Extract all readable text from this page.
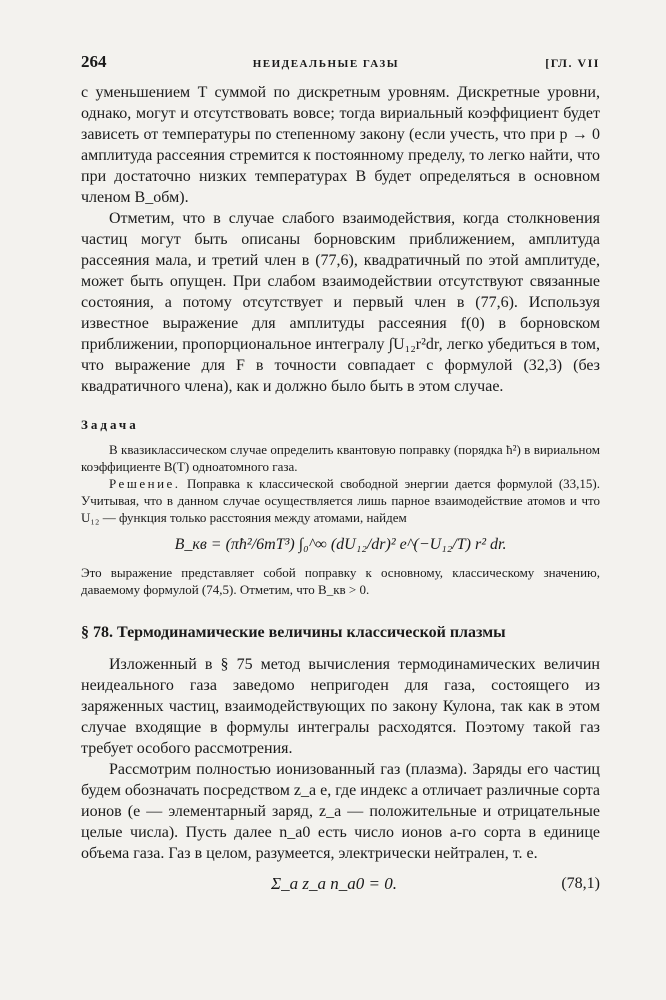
264	НЕИДЕАЛЬНЫЕ ГАЗЫ	[ГЛ. VII

с уменьшением T суммой по дискретным уровням. Дискретные уровни, однако, могут и отсутствовать вовсе; тогда вириальный коэффициент будет зависеть от температуры по степенному закону (если учесть, что при p → 0 амплитуда рассеяния стремится к постоянному пределу, то легко найти, что при достаточно низких температурах B будет определяться в основном членом B_обм).

Отметим, что в случае слабого взаимодействия, когда столкновения частиц могут быть описаны борновским приближением, амплитуда рассеяния мала, и третий член в (77,6), квадратичный по этой амплитуде, может быть опущен. При слабом взаимодействии отсутствуют связанные состояния, а потому отсутствует и первый член в (77,6). Используя известное выражение для амплитуды рассеяния f(0) в борновском приближении, пропорциональное интегралу ∫U₁₂r²dr, легко убедиться в том, что выражение для F в точности совпадает с формулой (32,3) (без квадратичного члена), как и должно было быть в этом случае.

Задача

В квазиклассическом случае определить квантовую поправку (порядка ħ²) в вириальном коэффициенте B(T) одноатомного газа.

Решение. Поправка к классической свободной энергии дается формулой (33,15). Учитывая, что в данном случае осуществляется лишь парное взаимодействие атомов и что U₁₂ — функция только расстояния между атомами, найдем

B_кв = (πħ²/6mT³) ∫₀^∞ (dU₁₂/dr)² e^(−U₁₂/T) r² dr.

Это выражение представляет собой поправку к основному, классическому значению, даваемому формулой (74,5). Отметим, что B_кв > 0.

§ 78. Термодинамические величины классической плазмы

Изложенный в § 75 метод вычисления термодинамических величин неидеального газа заведомо непригоден для газа, состоящего из заряженных частиц, взаимодействующих по закону Кулона, так как в этом случае входящие в формулы интегралы расходятся. Поэтому такой газ требует особого рассмотрения.

Рассмотрим полностью ионизованный газ (плазма). Заряды его частиц будем обозначать посредством z_a e, где индекс a отличает различные сорта ионов (e — элементарный заряд, z_a — положительные и отрицательные целые числа). Пусть далее n_a0 есть число ионов a-го сорта в единице объема газа. Газ в целом, разумеется, электрически нейтрален, т. е.

Σ_a z_a n_a0 = 0.	(78,1)
